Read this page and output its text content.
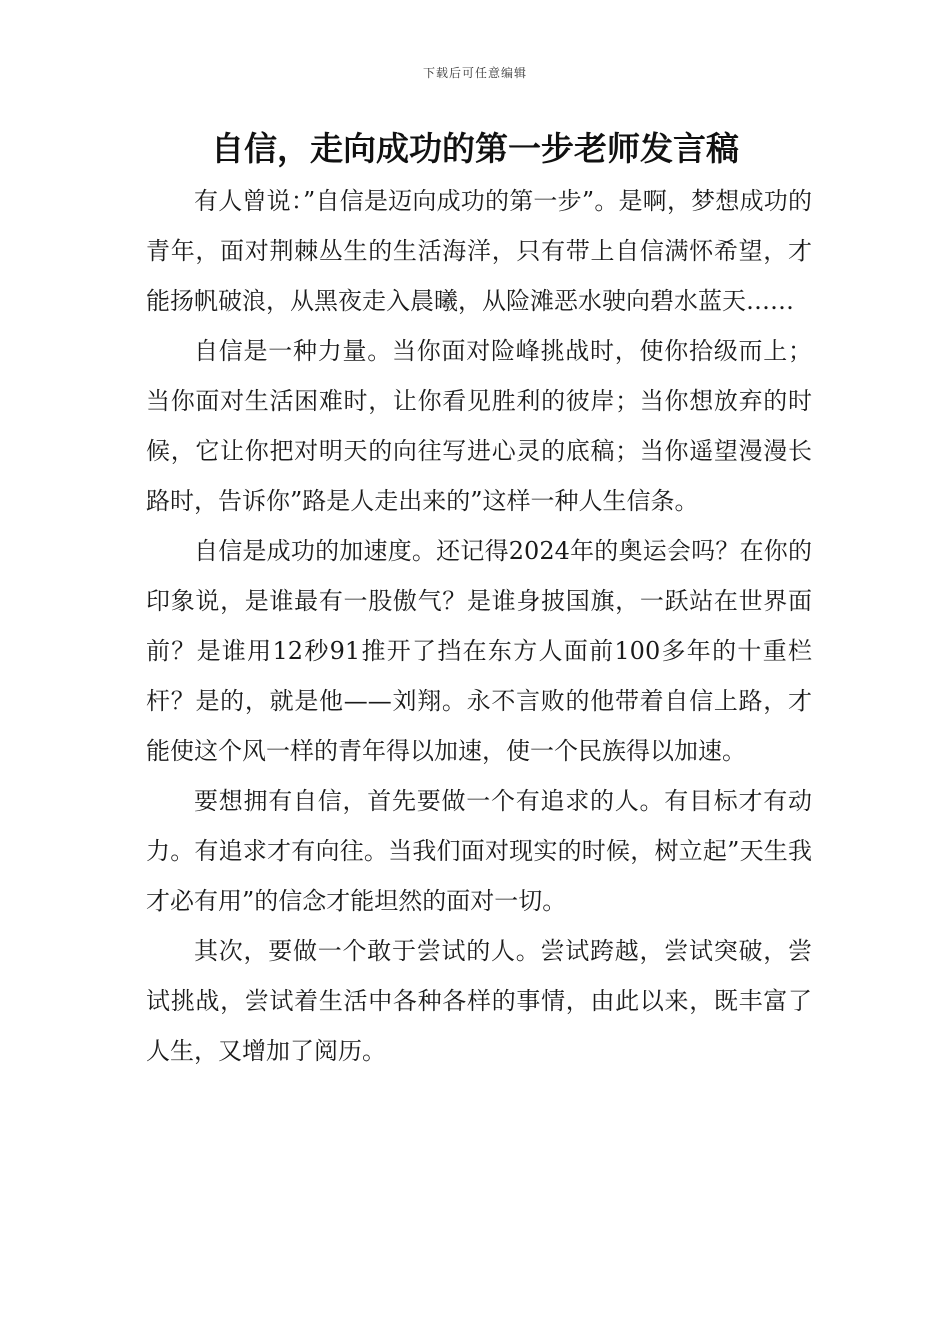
下载后可任意编辑
自信，走向成功的第一步老师发言稿

有人曾说：”自信是迈向成功的第一步”。是啊，梦想成功的青年，面对荆棘丛生的生活海洋，只有带上自信满怀希望，才能扬帆破浪，从黑夜走入晨曦，从险滩恶水驶向碧水蓝天……

自信是一种力量。当你面对险峰挑战时，使你拾级而上；当你面对生活困难时，让你看见胜利的彼岸；当你想放弃的时候，它让你把对明天的向往写进心灵的底稿；当你遥望漫漫长路时，告诉你”路是人走出来的”这样一种人生信条。

自信是成功的加速度。还记得2024年的奥运会吗？在你的印象说，是谁最有一股傲气？是谁身披国旗，一跃站在世界面前？是谁用12秒91推开了挡在东方人面前100多年的十重栏杆？是的，就是他——刘翔。永不言败的他带着自信上路，才能使这个风一样的青年得以加速，使一个民族得以加速。

要想拥有自信，首先要做一个有追求的人。有目标才有动力。有追求才有向往。当我们面对现实的时候，树立起”天生我才必有用”的信念才能坦然的面对一切。

其次，要做一个敢于尝试的人。尝试跨越，尝试突破，尝试挑战，尝试着生活中各种各样的事情，由此以来，既丰富了人生，又增加了阅历。
